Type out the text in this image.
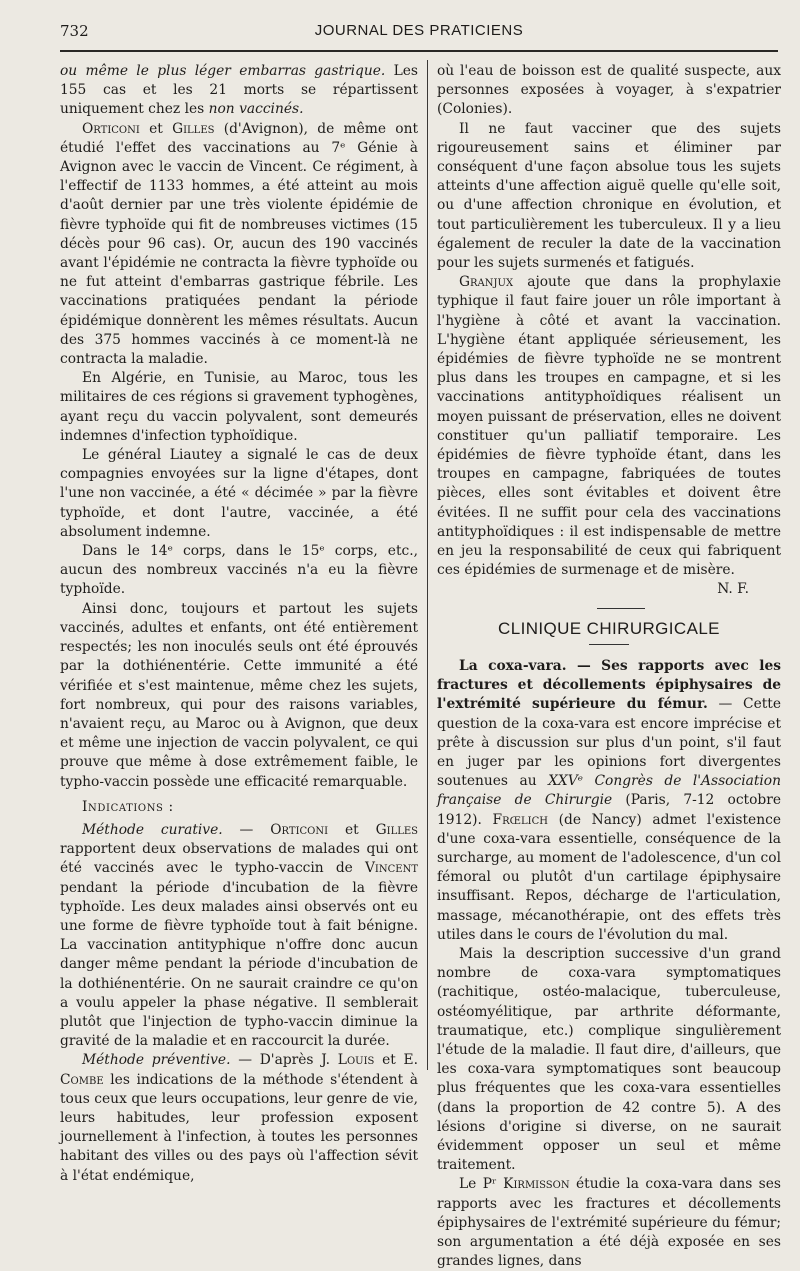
732	JOURNAL DES PRATICIENS

ou même le plus léger embarras gastrique. Les 155 cas et les 21 morts se répartissent uniquement chez les non vaccinés.

Orticoni et Gilles (d'Avignon), de même ont étudié l'effet des vaccinations au 7ᵉ Génie à Avignon avec le vaccin de Vincent. Ce régiment, à l'effectif de 1133 hommes, a été atteint au mois d'août dernier par une très violente épidémie de fièvre typhoïde qui fit de nombreuses victimes (15 décès pour 96 cas). Or, aucun des 190 vaccinés avant l'épidémie ne contracta la fièvre typhoïde ou ne fut atteint d'embarras gastrique fébrile. Les vaccinations pratiquées pendant la période épidémique donnèrent les mêmes résultats. Aucun des 375 hommes vaccinés à ce moment-là ne contracta la maladie.

En Algérie, en Tunisie, au Maroc, tous les militaires de ces régions si gravement typhogènes, ayant reçu du vaccin polyvalent, sont demeurés indemnes d'infection typhoïdique.

Le général Liautey a signalé le cas de deux compagnies envoyées sur la ligne d'étapes, dont l'une non vaccinée, a été « décimée » par la fièvre typhoïde, et dont l'autre, vaccinée, a été absolument indemne.

Dans le 14ᵉ corps, dans le 15ᵉ corps, etc., aucun des nombreux vaccinés n'a eu la fièvre typhoïde.

Ainsi donc, toujours et partout les sujets vaccinés, adultes et enfants, ont été entièrement respectés; les non inoculés seuls ont été éprouvés par la dothiénentérie. Cette immunité a été vérifiée et s'est maintenue, même chez les sujets, fort nombreux, qui pour des raisons variables, n'avaient reçu, au Maroc ou à Avignon, que deux et même une injection de vaccin polyvalent, ce qui prouve que même à dose extrêmement faible, le typho-vaccin possède une efficacité remarquable.

Indications :

Méthode curative. — Orticoni et Gilles rapportent deux observations de malades qui ont été vaccinés avec le typho-vaccin de Vincent pendant la période d'incubation de la fièvre typhoïde. Les deux malades ainsi observés ont eu une forme de fièvre typhoïde tout à fait bénigne. La vaccination antityphique n'offre donc aucun danger même pendant la période d'incubation de la dothiénentérie. On ne saurait craindre ce qu'on a voulu appeler la phase négative. Il semblerait plutôt que l'injection de typho-vaccin diminue la gravité de la maladie et en raccourcit la durée.

Méthode préventive. — D'après J. Louis et E. Combe les indications de la méthode s'étendent à tous ceux que leurs occupations, leur genre de vie, leurs habitudes, leur profession exposent journellement à l'infection, à toutes les personnes habitant des villes ou des pays où l'affection sévit à l'état endémique,

où l'eau de boisson est de qualité suspecte, aux personnes exposées à voyager, à s'expatrier (Colonies).

Il ne faut vacciner que des sujets rigoureusement sains et éliminer par conséquent d'une façon absolue tous les sujets atteints d'une affection aiguë quelle qu'elle soit, ou d'une affection chronique en évolution, et tout particulièrement les tuberculeux. Il y a lieu également de reculer la date de la vaccination pour les sujets surmenés et fatigués.

Granjux ajoute que dans la prophylaxie typhique il faut faire jouer un rôle important à l'hygiène à côté et avant la vaccination. L'hygiène étant appliquée sérieusement, les épidémies de fièvre typhoïde ne se montrent plus dans les troupes en campagne, et si les vaccinations antityphoïdiques réalisent un moyen puissant de préservation, elles ne doivent constituer qu'un palliatif temporaire. Les épidémies de fièvre typhoïde étant, dans les troupes en campagne, fabriquées de toutes pièces, elles sont évitables et doivent être évitées. Il ne suffit pour cela des vaccinations antityphoïdiques : il est indispensable de mettre en jeu la responsabilité de ceux qui fabriquent ces épidémies de surmenage et de misère.

N. F.
CLINIQUE CHIRURGICALE

La coxa-vara. — Ses rapports avec les fractures et décollements épiphysaires de l'extrémité supérieure du fémur. — Cette question de la coxa-vara est encore imprécise et prête à discussion sur plus d'un point, s'il faut en juger par les opinions fort divergentes soutenues au XXVᵉ Congrès de l'Association française de Chirurgie (Paris, 7-12 octobre 1912). Frœlich (de Nancy) admet l'existence d'une coxa-vara essentielle, conséquence de la surcharge, au moment de l'adolescence, d'un col fémoral ou plutôt d'un cartilage épiphysaire insuffisant. Repos, décharge de l'articulation, massage, mécanothérapie, ont des effets très utiles dans le cours de l'évolution du mal.

Mais la description successive d'un grand nombre de coxa-vara symptomatiques (rachitique, ostéo-malacique, tuberculeuse, ostéomyélitique, par arthrite déformante, traumatique, etc.) complique singulièrement l'étude de la maladie. Il faut dire, d'ailleurs, que les coxa-vara symptomatiques sont beaucoup plus fréquentes que les coxa-vara essentielles (dans la proportion de 42 contre 5). A des lésions d'origine si diverse, on ne saurait évidemment opposer un seul et même traitement.

Le Pʳ Kirmisson étudie la coxa-vara dans ses rapports avec les fractures et décollements épiphysaires de l'extrémité supérieure du fémur; son argumentation a été déjà exposée en ses grandes lignes, dans
